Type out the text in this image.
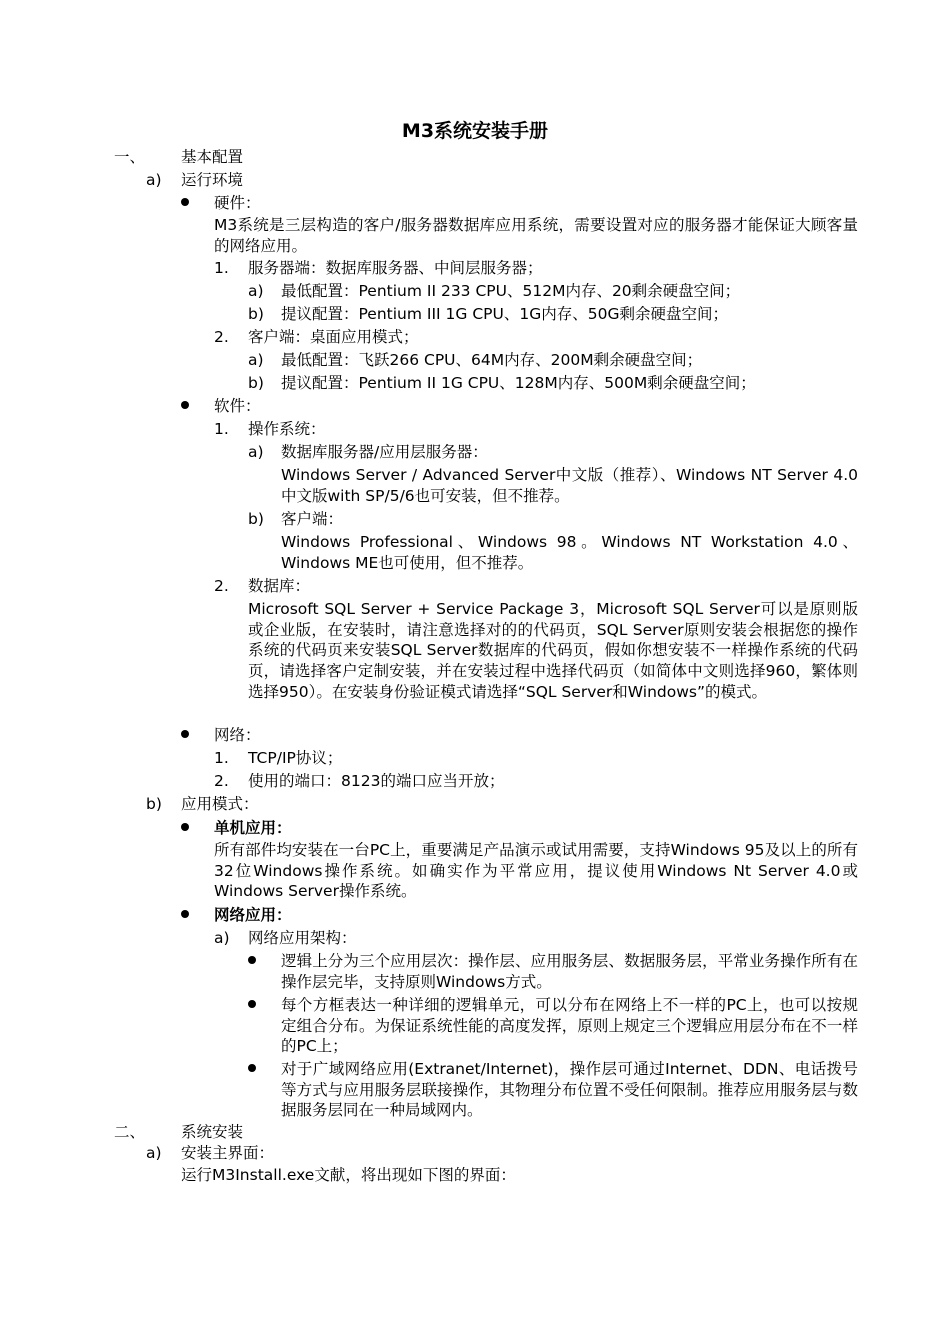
M3系统安装手册
一、 基本配置
a) 运行环境
硬件：
M3系统是三层构造的客户/服务器数据库应用系统，需要设置对应的服务器才能保证大顾客量的网络应用。
1. 服务器端：数据库服务器、中间层服务器；
a) 最低配置：Pentium II 233 CPU、512M内存、20剩余硬盘空间；
b) 提议配置：Pentium III 1G CPU、1G内存、50G剩余硬盘空间；
2. 客户端：桌面应用模式；
a) 最低配置：飞跃266 CPU、64M内存、200M剩余硬盘空间；
b) 提议配置：Pentium II 1G CPU、128M内存、500M剩余硬盘空间；
软件：
1. 操作系统：
a) 数据库服务器/应用层服务器：
Windows Server / Advanced Server中文版（推荐）、Windows NT Server 4.0中文版with SP/5/6也可安装，但不推荐。
b) 客户端：
Windows Professional、Windows 98。Windows NT Workstation 4.0、Windows ME也可使用，但不推荐。
2. 数据库：
Microsoft SQL Server + Service Package 3，Microsoft SQL Server可以是原则版或企业版，在安装时，请注意选择对的的代码页，SQL Server原则安装会根据您的操作系统的代码页来安装SQL Server数据库的代码页，假如你想安装不一样操作系统的代码页，请选择客户定制安装，并在安装过程中选择代码页（如简体中文则选择960，繁体则选择950）。在安装身份验证模式请选择“SQL Server和Windows”的模式。
网络：
1. TCP/IP协议；
2. 使用的端口：8123的端口应当开放；
b) 应用模式：
单机应用：
所有部件均安装在一台PC上，重要满足产品演示或试用需要，支持Windows 95及以上的所有32位Windows操作系统。如确实作为平常应用，提议使用Windows Nt Server 4.0或Windows Server操作系统。
网络应用：
a) 网络应用架构：
逻辑上分为三个应用层次：操作层、应用服务层、数据服务层，平常业务操作所有在操作层完毕，支持原则Windows方式。
每个方框表达一种详细的逻辑单元，可以分布在网络上不一样的PC上，也可以按规定组合分布。为保证系统性能的高度发挥，原则上规定三个逻辑应用层分布在不一样的PC上；
对于广域网络应用(Extranet/Internet)，操作层可通过Internet、DDN、电话拨号等方式与应用服务层联接操作，其物理分布位置不受任何限制。推荐应用服务层与数据服务层同在一种局域网内。
二、 系统安装
a) 安装主界面：
运行M3Install.exe文献，将出现如下图的界面：
